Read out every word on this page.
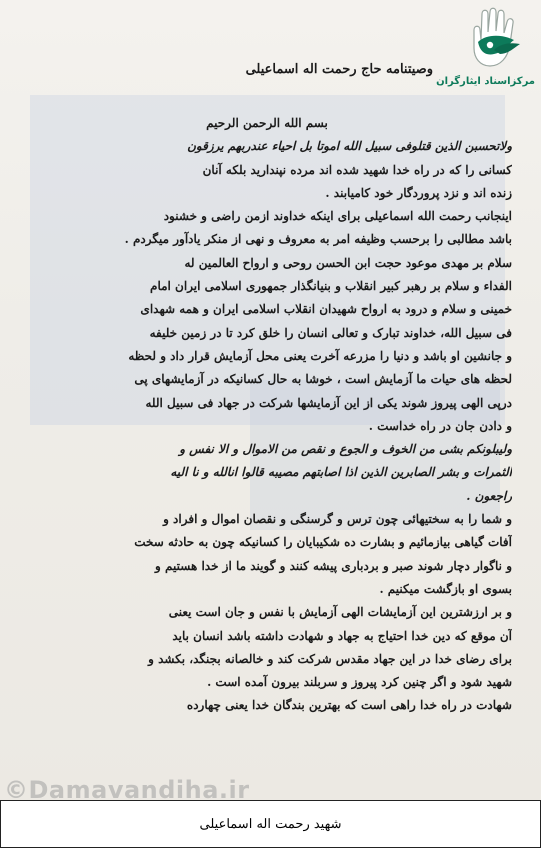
مرکزاسناد ایثارگران
وصیتنامه حاج رحمت اله اسماعیلی
بسم الله الرحمن الرحیم
ولاتحسبن الذین قتلوفی سبیل الله اموتا بل احیاء عندربهم یرزقون
کسانی را که در راه خدا شهید شده اند مرده نپندارید بلکه آنان
زنده اند و نزد پروردگار خود کامیابند .
اینجانب رحمت الله اسماعیلی برای اینکه خداوند ازمن راضی و خشنود
باشد مطالبی را برحسب وظیفه امر به معروف و نهی از منکر یادآور میگردم .
سلام بر مهدی موعود حجت ابن الحسن روحی و ارواح العالمین له
الفداء و سلام بر رهبر کبیر انقلاب و بنیانگذار جمهوری اسلامی ایران امام
خمینی و سلام و درود به ارواح شهیدان انقلاب اسلامی ایران و همه شهدای
فی سبیل الله، خداوند تبارک و تعالی انسان را خلق کرد تا در زمین خلیفه
و جانشین او باشد و دنیا را مزرعه آخرت یعنی محل آزمایش قرار داد و لحظه
لحظه های حیات ما آزمایش است ، خوشا به حال کسانیکه در آزمایشهای پی
درپی الهی پیروز شوند یکی از این آزمایشها شرکت در جهاد فی سبیل الله
و دادن جان در راه خداست .
ولیبلونکم بشی من الخوف و الجوع و نقص من الاموال و الا نفس و
الثمرات و بشر الصابرین الذین اذا اصابتهم مصیبه قالوا انالله و نا الیه
راجعون .
و شما را به سختیهائی چون ترس و گرسنگی و نقصان اموال و افراد و
آفات گیاهی بیازمائیم و بشارت ده شکیبایان را کسانیکه چون به حادثه سخت
و ناگوار دچار شوند صبر و بردباری پیشه کنند و گویند ما از خدا هستیم و
بسوی او بازگشت میکنیم .
و بر ارزشترین این آزمایشات الهی آزمایش با نفس و جان است یعنی
آن موقع که دین خدا احتیاج به جهاد و شهادت داشته باشد انسان باید
برای رضای خدا در این جهاد مقدس شرکت کند و خالصانه بجنگد، بکشد و
شهید شود و اگر چنین کرد پیروز و سربلند بیرون آمده است .
شهادت در راه خدا راهی است که بهترین بندگان خدا یعنی چهارده
©Damavandiha.ir
شهید رحمت اله اسماعیلی
